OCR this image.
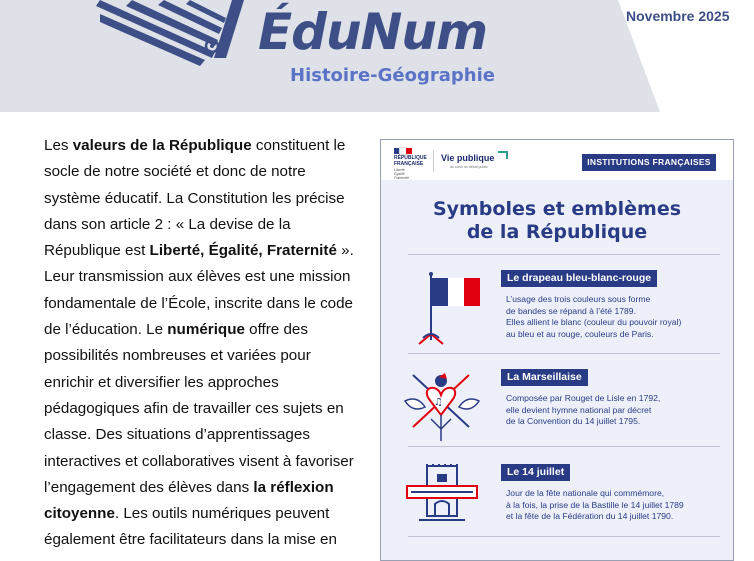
ÉduNum
Histoire-Géographie
Novembre 2025
Les valeurs de la République constituent le socle de notre société et donc de notre système éducatif. La Constitution les précise dans son article 2 : « La devise de la République est Liberté, Égalité, Fraternité ». Leur transmission aux élèves est une mission fondamentale de l’École, inscrite dans le code de l’éducation. Le numérique offre des possibilités nombreuses et variées pour enrichir et diversifier les approches pédagogiques afin de travailler ces sujets en classe. Des situations d’apprentissages interactives et collaboratives visent à favoriser l’engagement des élèves dans la réflexion citoyenne. Les outils numériques peuvent également être facilitateurs dans la mise en
RÉPUBLIQUE
FRANÇAISE
Liberté
Égalité
Fraternité
Vie publique
au cœur du débat public	INSTITUTIONS FRANÇAISES
Symboles et emblèmes
de la République
Le drapeau bleu-blanc-rouge
L’usage des trois couleurs sous forme
de bandes se répand à l’été 1789.
Elles allient le blanc (couleur du pouvoir royal)
au bleu et au rouge, couleurs de Paris.
♫
La Marseillaise
Composée par Rouget de Lisle en 1792,
elle devient hymne national par décret
de la Convention du 14 juillet 1795.
Le 14 juillet
Jour de la fête nationale qui commémore,
à la fois, la prise de la Bastille le 14 juillet 1789
et la fête de la Fédération du 14 juillet 1790.
